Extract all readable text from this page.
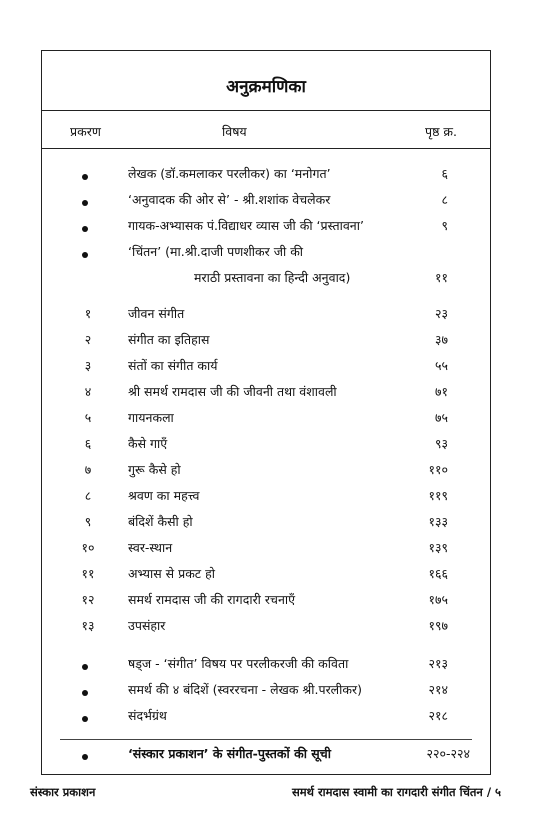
अनुक्रमणिका
प्रकरण	विषय	पृष्ठ क्र.
लेखक (डॉ.कमलाकर परलीकर) का ‘मनोगत’	६
‘अनुवादक की ओर से’ - श्री.शशांक वेचलेकर	८
गायक-अभ्यासक पं.विद्याधर व्यास जी की ‘प्रस्तावना’	९
‘चिंतन’ (मा.श्री.दाजी पणशीकर जी की
मराठी प्रस्तावना का हिन्दी अनुवाद)	११
१	जीवन संगीत	२३
२	संगीत का इतिहास	३७
३	संतों का संगीत कार्य	५५
४	श्री समर्थ रामदास जी की जीवनी तथा वंशावली	७१
५	गायनकला	७५
६	कैसे गाएँ	९३
७	गुरू कैसे हो	११०
८	श्रवण का महत्त्व	११९
९	बंदिशें कैसी हो	१३३
१०	स्वर-स्थान	१३९
११	अभ्यास से प्रकट हो	१६६
१२	समर्थ रामदास जी की रागदारी रचनाएँ	१७५
१३	उपसंहार	१९७
षड्ज - ‘संगीत’ विषय पर परलीकरजी की कविता	२१३
समर्थ की ४ बंदिशें (स्वररचना - लेखक श्री.परलीकर)	२१४
संदर्भग्रंथ	२१८
‘संस्कार प्रकाशन’ के संगीत-पुस्तकों की सूची	२२०-२२४
संस्कार प्रकाशन	समर्थ रामदास स्वामी का रागदारी संगीत चिंतन / ५
